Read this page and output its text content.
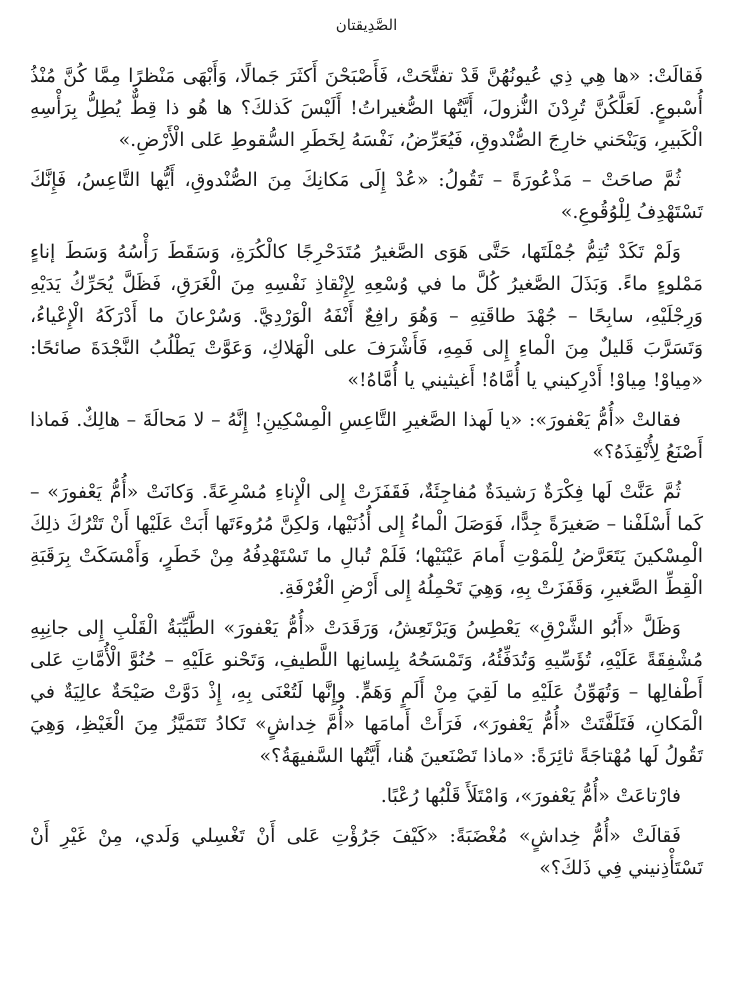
الصَّدِيقتان

فَقالَتْ: «ها هِي ذِي عُيونُهُنَّ قَدْ تفتَّحَتْ، فَأَصْبَحْنَ أَكثَرَ جَمالًا، وَأَبْهَى مَنْظرًا مِمَّا كُنَّ مُنْذُ أُسْبوعٍ. لَعَلَّكُنَّ تُرِدْنَ النُّزولَ، أَيَّتُها الصُّغيراتُ! أَلَيْسَ كَذلكَ؟ ها هُو ذا قِطٌّ يُطِلُّ بِرَأْسِهِ الْكَبيرِ، وَيَنْحَني خارِجَ الصُّنْدوقِ، فَيُعَرِّضُ، نَفْسَهُ لِخَطَرِ السُّقوطِ عَلى الْأَرْضِ.»

ثُمَّ صاحَتْ – مَذْعُورَةً – تَقُولُ: «عُدْ إِلَى مَكانِكَ مِنَ الصُّنْدوقِ، أَيُّها التَّاعِسُ، فَإِنَّكَ تَسْتَهْدِفُ لِلْوُقُوعِ.»

وَلَمْ تَكَدْ تُتِمُّ جُمْلَتَها، حَتَّى هَوَى الصَّغيرُ مُتَدَحْرِجًا كالْكُرَةِ، وَسَقَطَ رَأْسُهُ وَسَطَ إناءٍ مَمْلوءٍ ماءً. وَبَذَلَ الصَّغيرُ كُلَّ ما في وُسْعِهِ لِإِنْقاذِ نَفْسِهِ مِنَ الْغَرَقِ، فَظَلَّ يُحَرِّكُ يَدَيْهِ وَرِجْلَيْهِ، سابِحًا – جُهْدَ طاقَتِهِ – وَهُوَ رافِعٌ أَنْفَهُ الْوَرْدِيَّ. وَسُرْعانَ ما أَدْرَكَهُ الْإِعْياءُ، وَتَسَرَّبَ قَليلٌ مِنَ الْماءِ إِلى فَمِهِ، فَأَشْرَفَ على الْهَلاكِ، وَعَوَّتْ يَطْلُبُ النَّجْدَةَ صائحًا: «مِياوْ! مِياوْ! أَدْرِكيني يا أُمَّاهُ! أَغيثيني يا أُمَّاهُ!»

فقالتْ «أُمُّ يَعْفورَ»: «يا لَهذا الصَّغيرِ التَّاعِسِ الْمِسْكِينِ! إِنَّهُ – لا مَحالَةَ – هالِكٌ. فَماذا أَصْنَعُ لِأُنْقِذَهُ؟»

ثُمَّ عَنَّتْ لَها فِكْرَةٌ رَشيدَةٌ مُفاجِئَةٌ، فَقَفَزَتْ إِلى الْإِناءِ مُسْرِعَةً. وَكانَتْ «أُمُّ يَعْفورَ» – كَما أَسْلَفْنا – صَغيرَةً جِدًّا، فَوَصَلَ الْماءُ إِلى أُذُنَيْها، وَلكِنَّ مُرُوءَتَها أَبَتْ عَلَيْها أَنْ تَتْرُكَ ذلِكَ الْمِسْكينَ يَتَعَرَّضُ لِلْمَوْتِ أَمامَ عَيْنَيْها؛ فَلَمْ تُبالِ ما تَسْتَهْدِفُهُ مِنْ خَطَرٍ، وَأَمْسَكَتْ بِرَقَبَةِ الْقِطِّ الصَّغيرِ، وَقَفَزَتْ بِهِ، وَهِيَ تَحْمِلُهُ إِلى أَرْضِ الْغُرْفَةِ.

وَظَلَّ «أَبُو الشَّرْقِ» يَعْطِسُ وَيَرْتَعِشُ، وَرَقَدَتْ «أُمُّ يَعْفورَ» الطَّيِّبَةُ الْقَلْبِ إِلى جانِبِهِ مُشْفِقَةً عَلَيْهِ، تُؤَسِّيهِ وَتُدَفِّئُهُ، وَتَمْسَحُهُ بِلِسانِها اللَّطيفِ، وَتَحْنو عَلَيْهِ – حُنُوَّ الْأُمَّاتِ عَلى أَطْفالِها – وَتُهَوِّنُ عَلَيْهِ ما لَقِيَ مِنْ أَلَمٍ وَهَمٍّ. وإِنَّها لَتُعْنَى بِهِ، إِذْ دَوَّتْ صَيْحَةٌ عالِيَةٌ في الْمَكانِ، فَتَلَفَّتَتْ «أُمُّ يَعْفورَ»، فَرَأَتْ أَمامَها «أُمَّ خِداشٍ» تَكادُ تَتَمَيَّزُ مِنَ الْغَيْظِ، وَهِيَ تَقُولُ لَها مُهْتاجَةً ثائِرَةً: «ماذا تَصْنَعينَ هُنا، أَيَّتُها السَّفيهَةُ؟»

فارْتاعَتْ «أُمُّ يَعْفورَ»، وَامْتَلَأَ قَلْبُها رُعْبًا.

فَقالَتْ «أُمُّ خِداشٍ» مُغْضَبَةً: «كَيْفَ جَرُؤْتِ عَلى أَنْ تَغْسِلي وَلَدي، مِنْ غَيْرِ أَنْ تَسْتَأْذِنيني فِي ذَلكَ؟»
